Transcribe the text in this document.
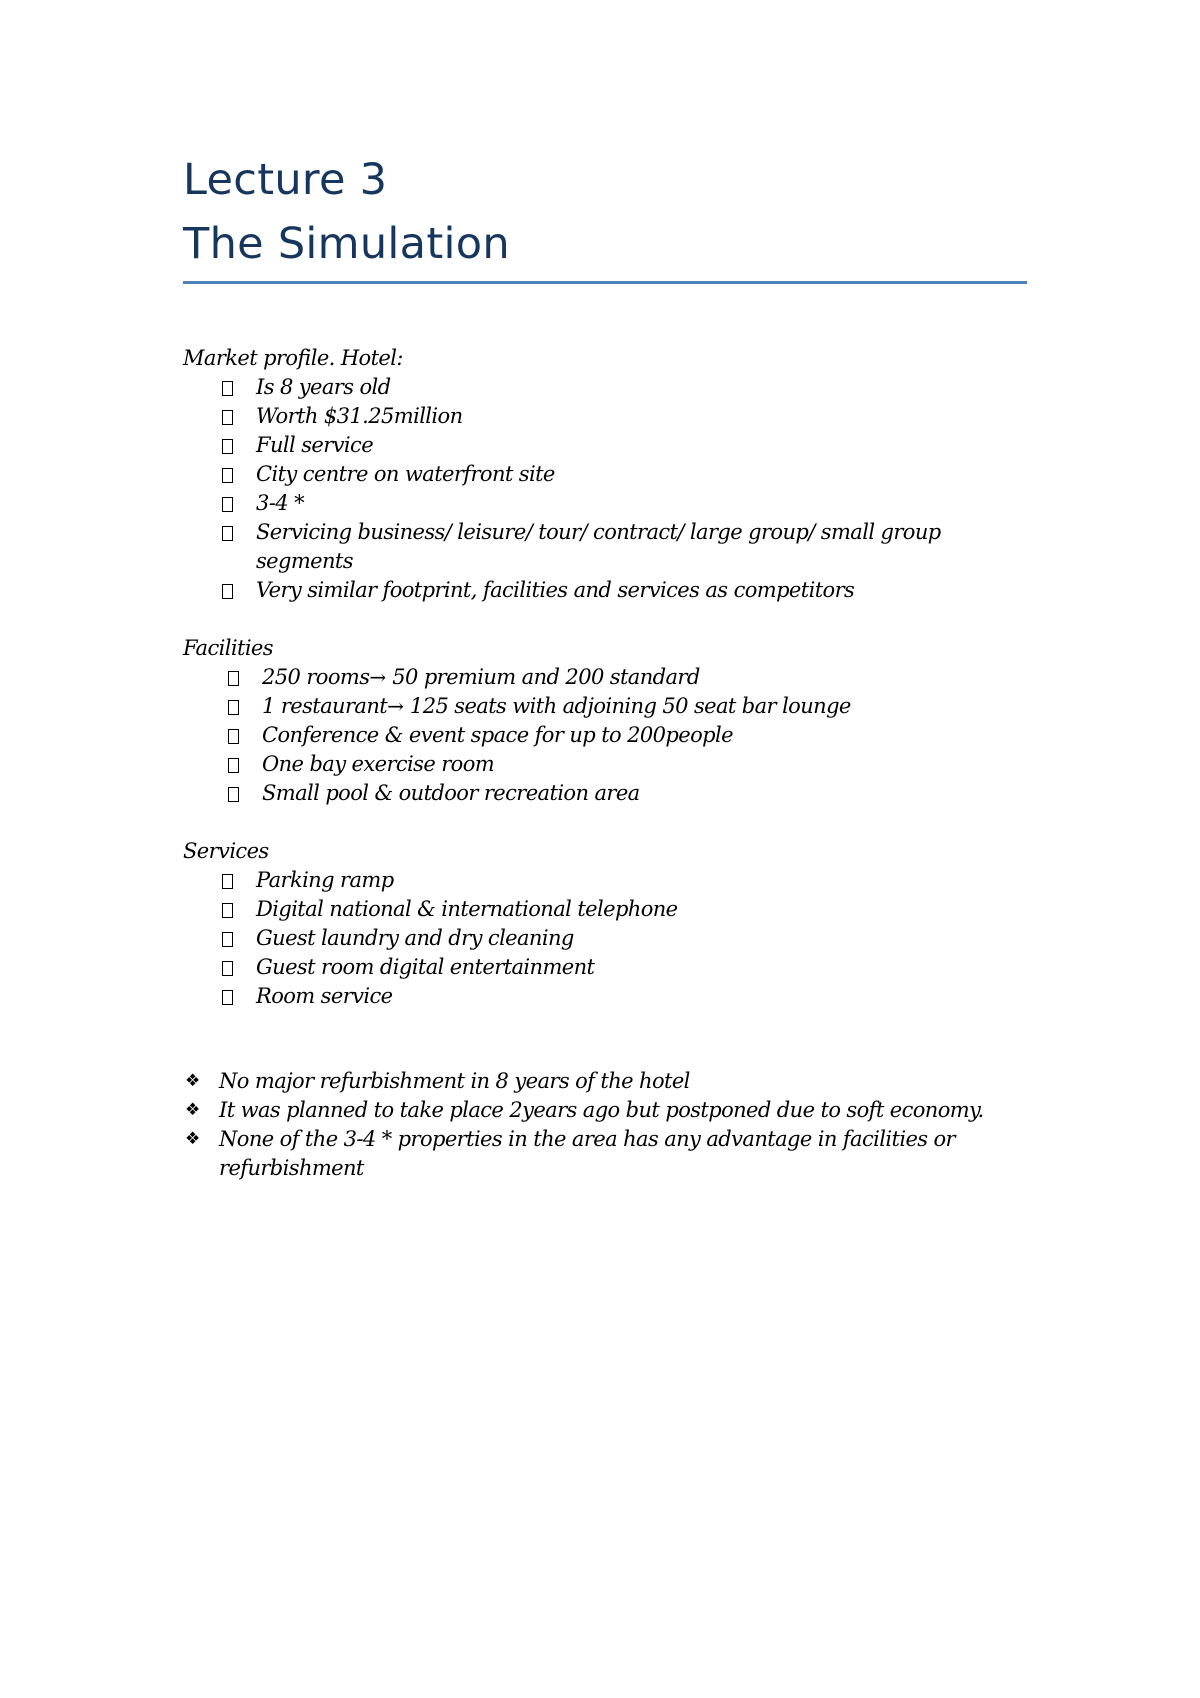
Lecture 3
The Simulation
Market profile. Hotel:
Is 8 years old
Worth $31.25million
Full service
City centre on waterfront site
3-4 *
Servicing business/ leisure/ tour/ contract/ large group/ small group segments
Very similar footprint, facilities and services as competitors
Facilities
250 rooms→ 50 premium and 200 standard
1 restaurant→ 125 seats with adjoining 50 seat bar lounge
Conference & event space for up to 200people
One bay exercise room
Small pool & outdoor recreation area
Services
Parking ramp
Digital national & international telephone
Guest laundry and dry cleaning
Guest room digital entertainment
Room service
❖ No major refurbishment in 8 years of the hotel
❖ It was planned to take place 2years ago but postponed due to soft economy.
❖ None of the 3-4 * properties in the area has any advantage in facilities or refurbishment
